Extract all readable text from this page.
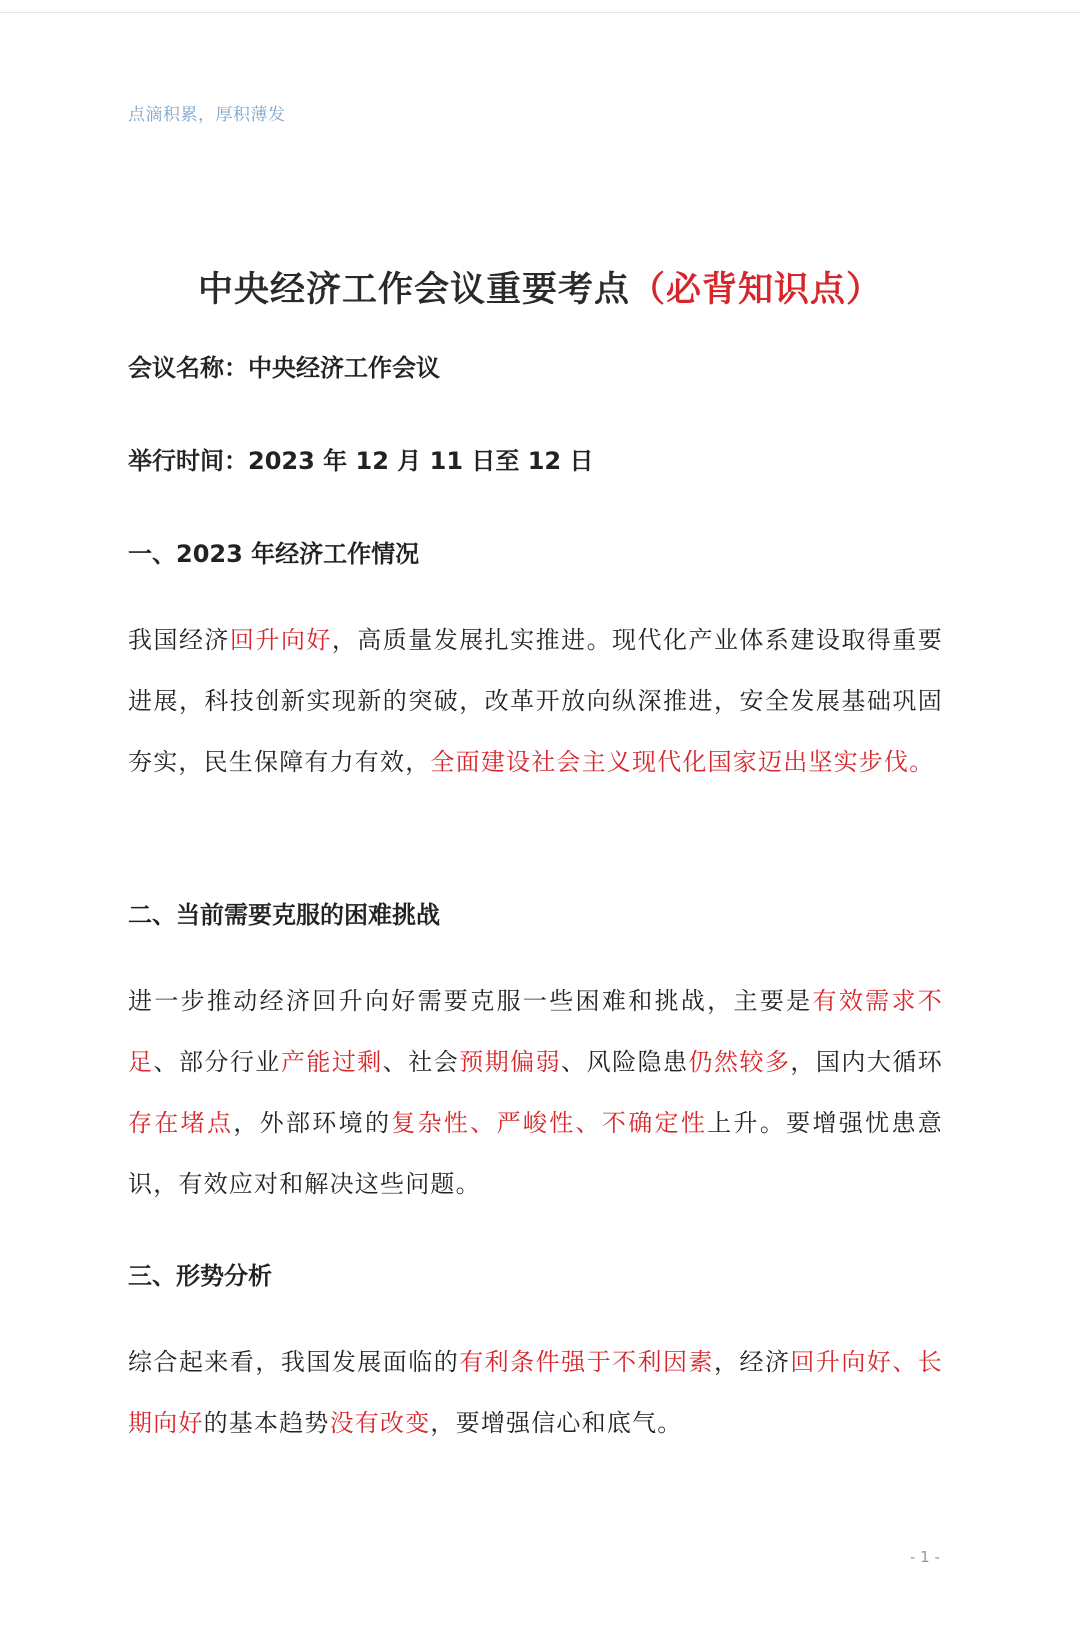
点滴积累，厚积薄发
中央经济工作会议重要考点（必背知识点）
会议名称：中央经济工作会议
举行时间：2023 年 12 月 11 日至 12 日
一、2023 年经济工作情况
我国经济回升向好，高质量发展扎实推进。现代化产业体系建设取得重要进展，科技创新实现新的突破，改革开放向纵深推进，安全发展基础巩固夯实，民生保障有力有效，全面建设社会主义现代化国家迈出坚实步伐。
二、当前需要克服的困难挑战
进一步推动经济回升向好需要克服一些困难和挑战，主要是有效需求不足、部分行业产能过剩、社会预期偏弱、风险隐患仍然较多，国内大循环存在堵点，外部环境的复杂性、严峻性、不确定性上升。要增强忧患意识，有效应对和解决这些问题。
三、形势分析
综合起来看，我国发展面临的有利条件强于不利因素，经济回升向好、长期向好的基本趋势没有改变，要增强信心和底气。
- 1 -
